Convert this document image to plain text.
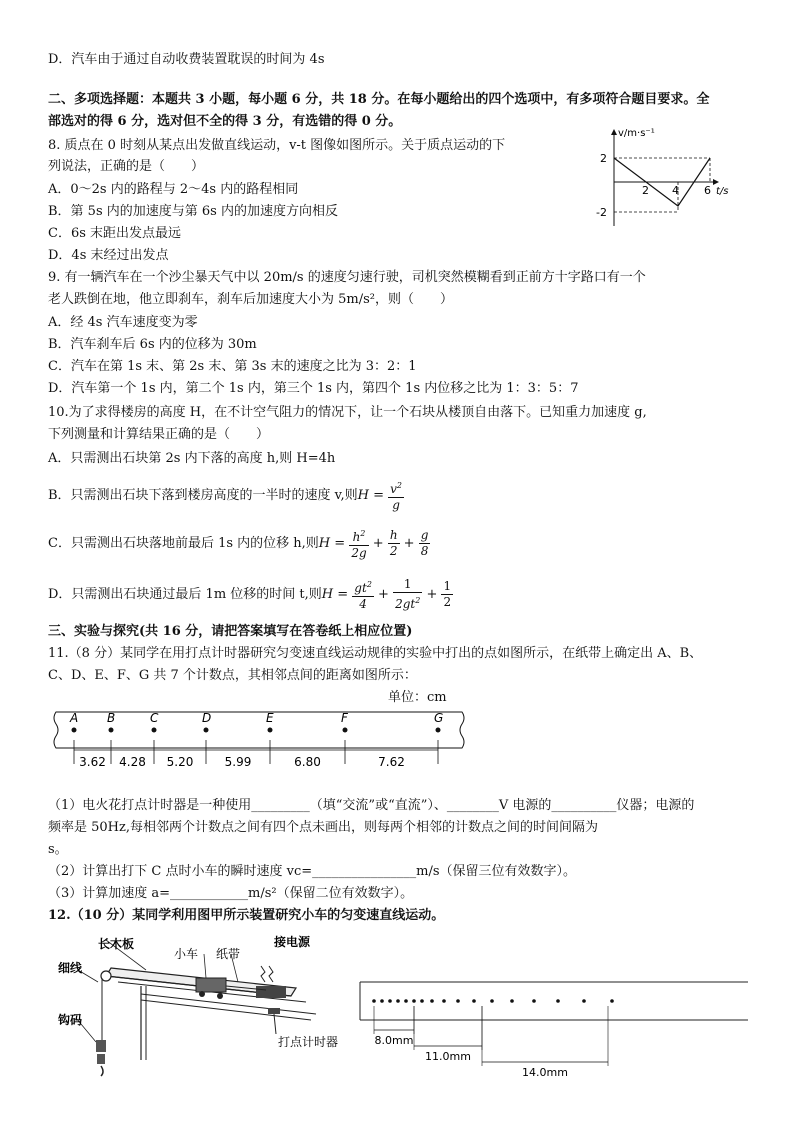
D．汽车由于通过自动收费装置耽误的时间为 4s
二、多项选择题：本题共 3 小题，每小题 6 分，共 18 分。在每小题给出的四个选项中，有多项符合题目要求。全
部选对的得 6 分，选对但不全的得 3 分，有选错的得 0 分。
8. 质点在 0 时刻从某点出发做直线运动，v-t 图像如图所示。关于质点运动的下
列说法，正确的是（　　）
A．0～2s 内的路程与 2～4s 内的路程相同
B．第 5s 内的加速度与第 6s 内的加速度方向相反
C．6s 末距出发点最远
D．4s 末经过出发点
v/m·s⁻¹
t/s
2
-2
2 4 6
9. 有一辆汽车在一个沙尘暴天气中以 20m/s 的速度匀速行驶，司机突然模糊看到正前方十字路口有一个
老人跌倒在地，他立即刹车，刹车后加速度大小为 5m/s²，则（　　）
A．经 4s 汽车速度变为零
B．汽车刹车后 6s 内的位移为 30m
C．汽车在第 1s 末、第 2s 末、第 3s 末的速度之比为 3：2：1
D．汽车第一个 1s 内，第二个 1s 内，第三个 1s 内，第四个 1s 内位移之比为 1：3：5：7
10.为了求得楼房的高度 H，在不计空气阻力的情况下，让一个石块从楼顶自由落下。已知重力加速度 g,
下列测量和计算结果正确的是（　　）
A．只需测出石块第 2s 内下落的高度 h,则 H=4h
B．只需测出石块下落到楼房高度的一半时的速度 v,则$H = \frac{v^2}{g}$
C．只需测出石块落地前最后 1s 内的位移 h,则$H = \frac{h^2}{2g} + \frac{h}{2} + \frac{g}{8}$
D．只需测出石块通过最后 1m 位移的时间 t,则$H = \frac{gt^2}{4} + \frac{1}{2gt^2} + \frac{1}{2}$
三、实验与探究(共 16 分，请把答案填写在答卷纸上相应位置)
11.（8 分）某同学在用打点计时器研究匀变速直线运动规律的实验中打出的点如图所示，在纸带上确定出 A、B、
C、D、E、F、G 共 7 个计数点，其相邻点间的距离如图所示：
单位：cm
A B	C	D	E	F	G
3.62 4.28 5.20	5.99	6.80	7.62
（1）电火花打点计时器是一种使用_________（填“交流”或“直流”）、________V 电源的__________仪器；电源的
频率是 50Hz,每相邻两个计数点之间有四个点未画出，则每两个相邻的计数点之间的时间间隔为
s。
（2）计算出打下 C 点时小车的瞬时速度 vc=________________m/s（保留三位有效数字）。
（3）计算加速度 a=____________m/s²（保留二位有效数字）。
12.（10 分）某同学利用图甲所示装置研究小车的匀变速直线运动。
长木板
小车 纸带
接电源
细线
钩码
打点计时器	8.0mm
11.0mm
14.0mm
